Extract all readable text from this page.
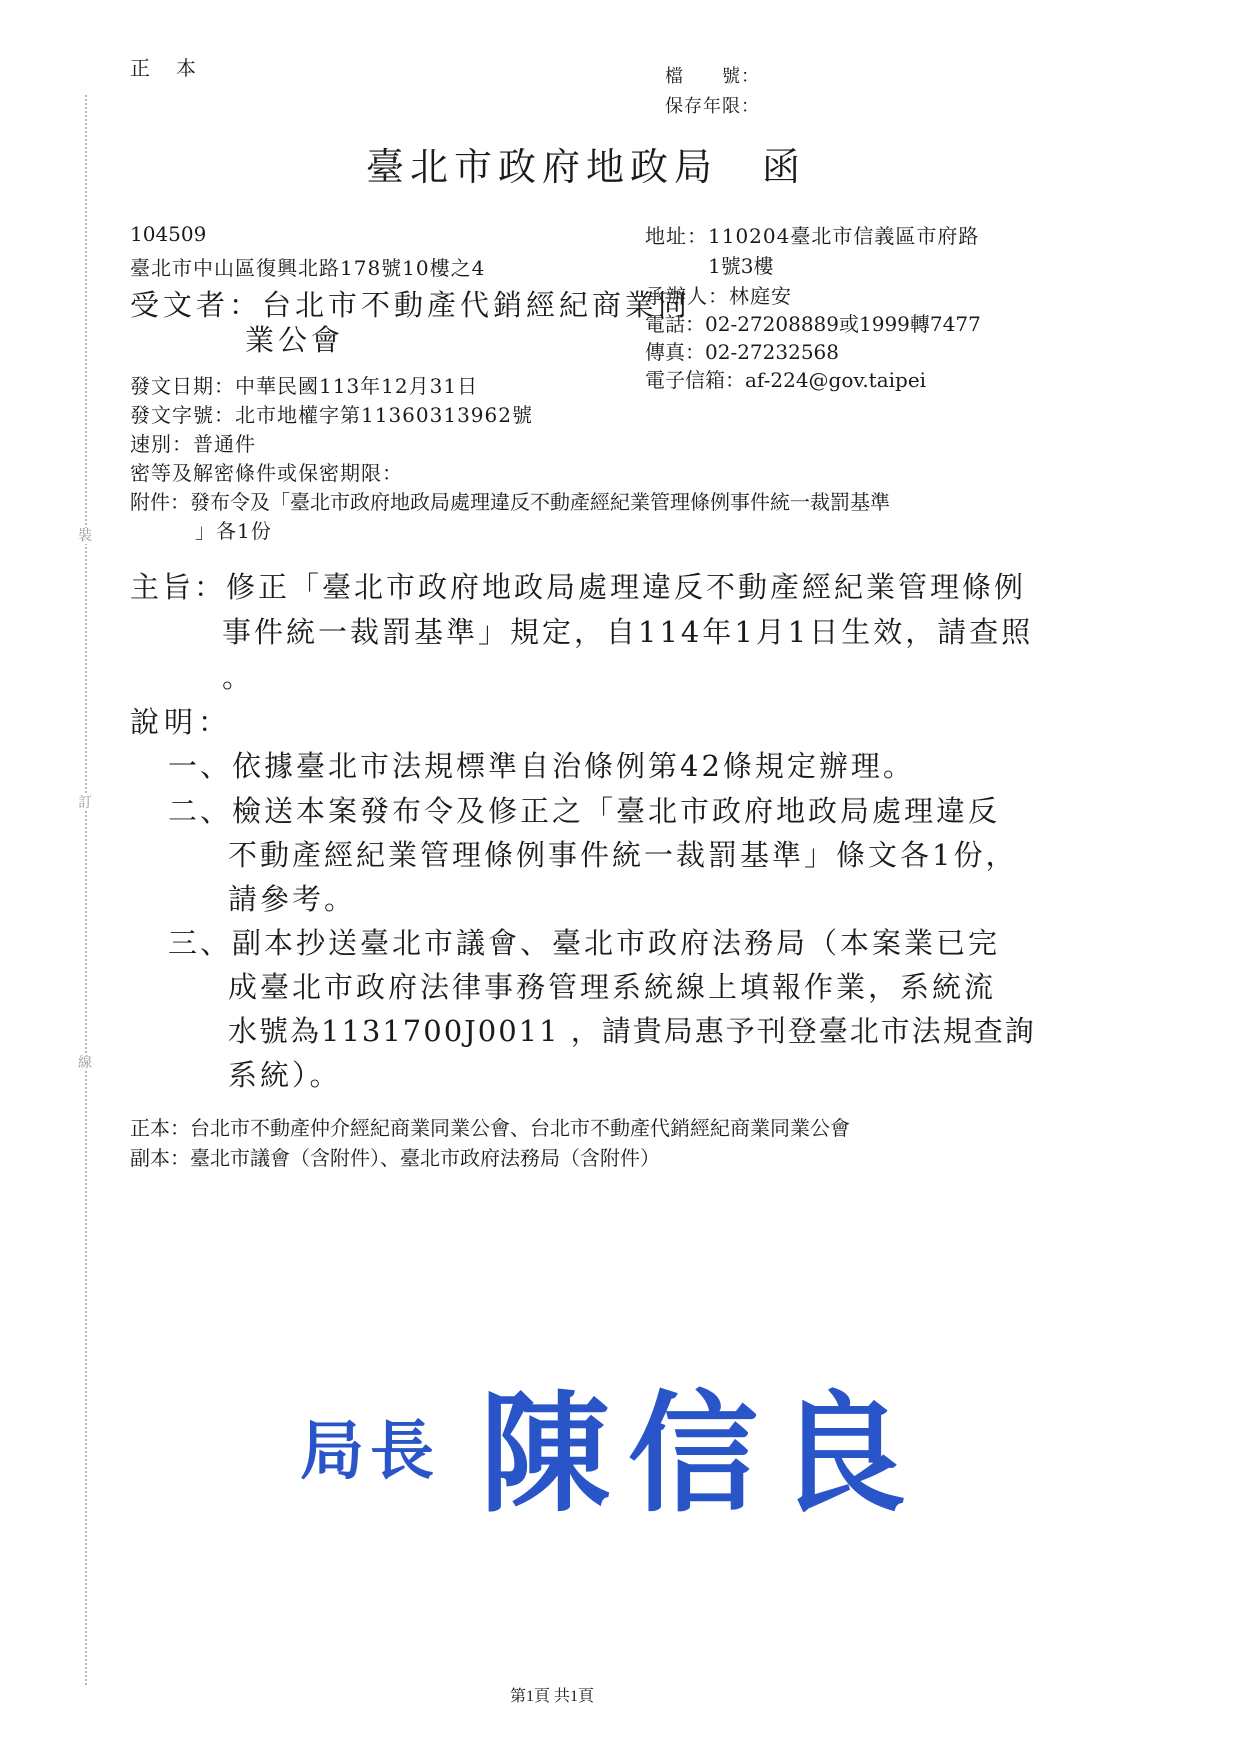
裝
訂
線
正　本	檔　　號：
保存年限：
臺北市政府地政局　函
104509
臺北市中山區復興北路178號10樓之4
受文者：台北市不動產代銷經紀商業同
業公會
地址：110204臺北市信義區市府路
1號3樓
承辦人：林庭安
電話：02-27208889或1999轉7477
傳真：02-27232568
電子信箱：af-224@gov.taipei
發文日期：中華民國113年12月31日
發文字號：北市地權字第11360313962號
速別：普通件
密等及解密條件或保密期限：
附件：發布令及「臺北市政府地政局處理違反不動產經紀業管理條例事件統一裁罰基準
」各1份
主旨：修正「臺北市政府地政局處理違反不動產經紀業管理條例
事件統一裁罰基準」規定，自114年1月1日生效，請查照
。
說明：
一、依據臺北市法規標準自治條例第42條規定辦理。
二、檢送本案發布令及修正之「臺北市政府地政局處理違反
不動產經紀業管理條例事件統一裁罰基準」條文各1份，
請參考。
三、副本抄送臺北市議會、臺北市政府法務局（本案業已完
成臺北市政府法律事務管理系統線上填報作業，系統流
水號為1131700J0011 ，請貴局惠予刊登臺北市法規查詢
系統）。
正本：台北市不動產仲介經紀商業同業公會、台北市不動產代銷經紀商業同業公會
副本：臺北市議會（含附件）、臺北市政府法務局（含附件）
局長 陳信良
第1頁 共1頁
